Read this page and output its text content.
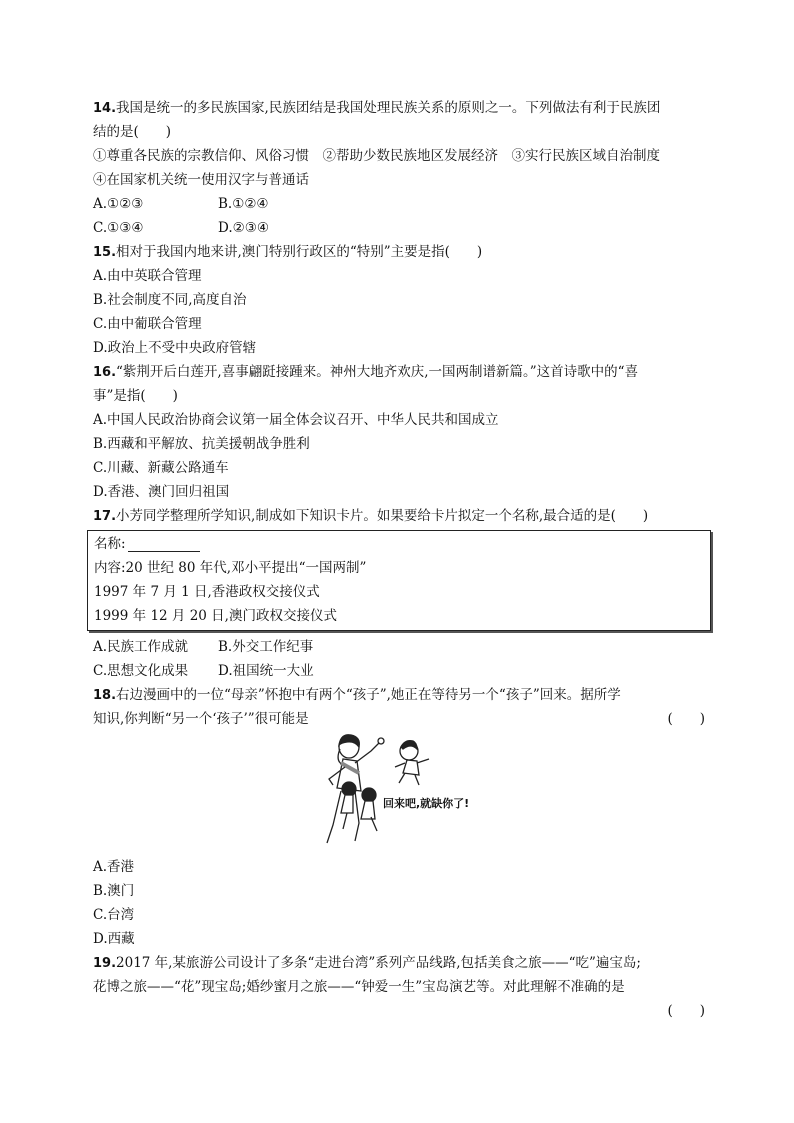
14.我国是统一的多民族国家,民族团结是我国处理民族关系的原则之一。下列做法有利于民族团
结的是(　　)
①尊重各民族的宗教信仰、风俗习惯　②帮助少数民族地区发展经济　③实行民族区域自治制度
④在国家机关统一使用汉字与普通话
A.①②③	B.①②④
C.①③④	D.②③④
15.相对于我国内地来讲,澳门特别行政区的“特别”主要是指(　　)
A.由中英联合管理
B.社会制度不同,高度自治
C.由中葡联合管理
D.政治上不受中央政府管辖
16.“紫荆开后白莲开,喜事翩跹接踵来。神州大地齐欢庆,一国两制谱新篇。”这首诗歌中的“喜
事”是指(　　)
A.中国人民政治协商会议第一届全体会议召开、中华人民共和国成立
B.西藏和平解放、抗美援朝战争胜利
C.川藏、新藏公路通车
D.香港、澳门回归祖国
17.小芳同学整理所学知识,制成如下知识卡片。如果要给卡片拟定一个名称,最合适的是(　　)
名称:
内容:20 世纪 80 年代,邓小平提出“一国两制”
1997 年 7 月 1 日,香港政权交接仪式
1999 年 12 月 20 日,澳门政权交接仪式
A.民族工作成就	B.外交工作纪事
C.思想文化成果	D.祖国统一大业
18.右边漫画中的一位“母亲”怀抱中有两个“孩子”,她正在等待另一个“孩子”回来。据所学
知识,你判断“另一个‘孩子’”很可能是	(　　)
回来吧,就缺你了!
A.香港
B.澳门
C.台湾
D.西藏
19.2017 年,某旅游公司设计了多条“走进台湾”系列产品线路,包括美食之旅——“吃”遍宝岛;
花博之旅——“花”现宝岛;婚纱蜜月之旅——“钟爱一生”宝岛演艺等。对此理解不准确的是
(　　)
